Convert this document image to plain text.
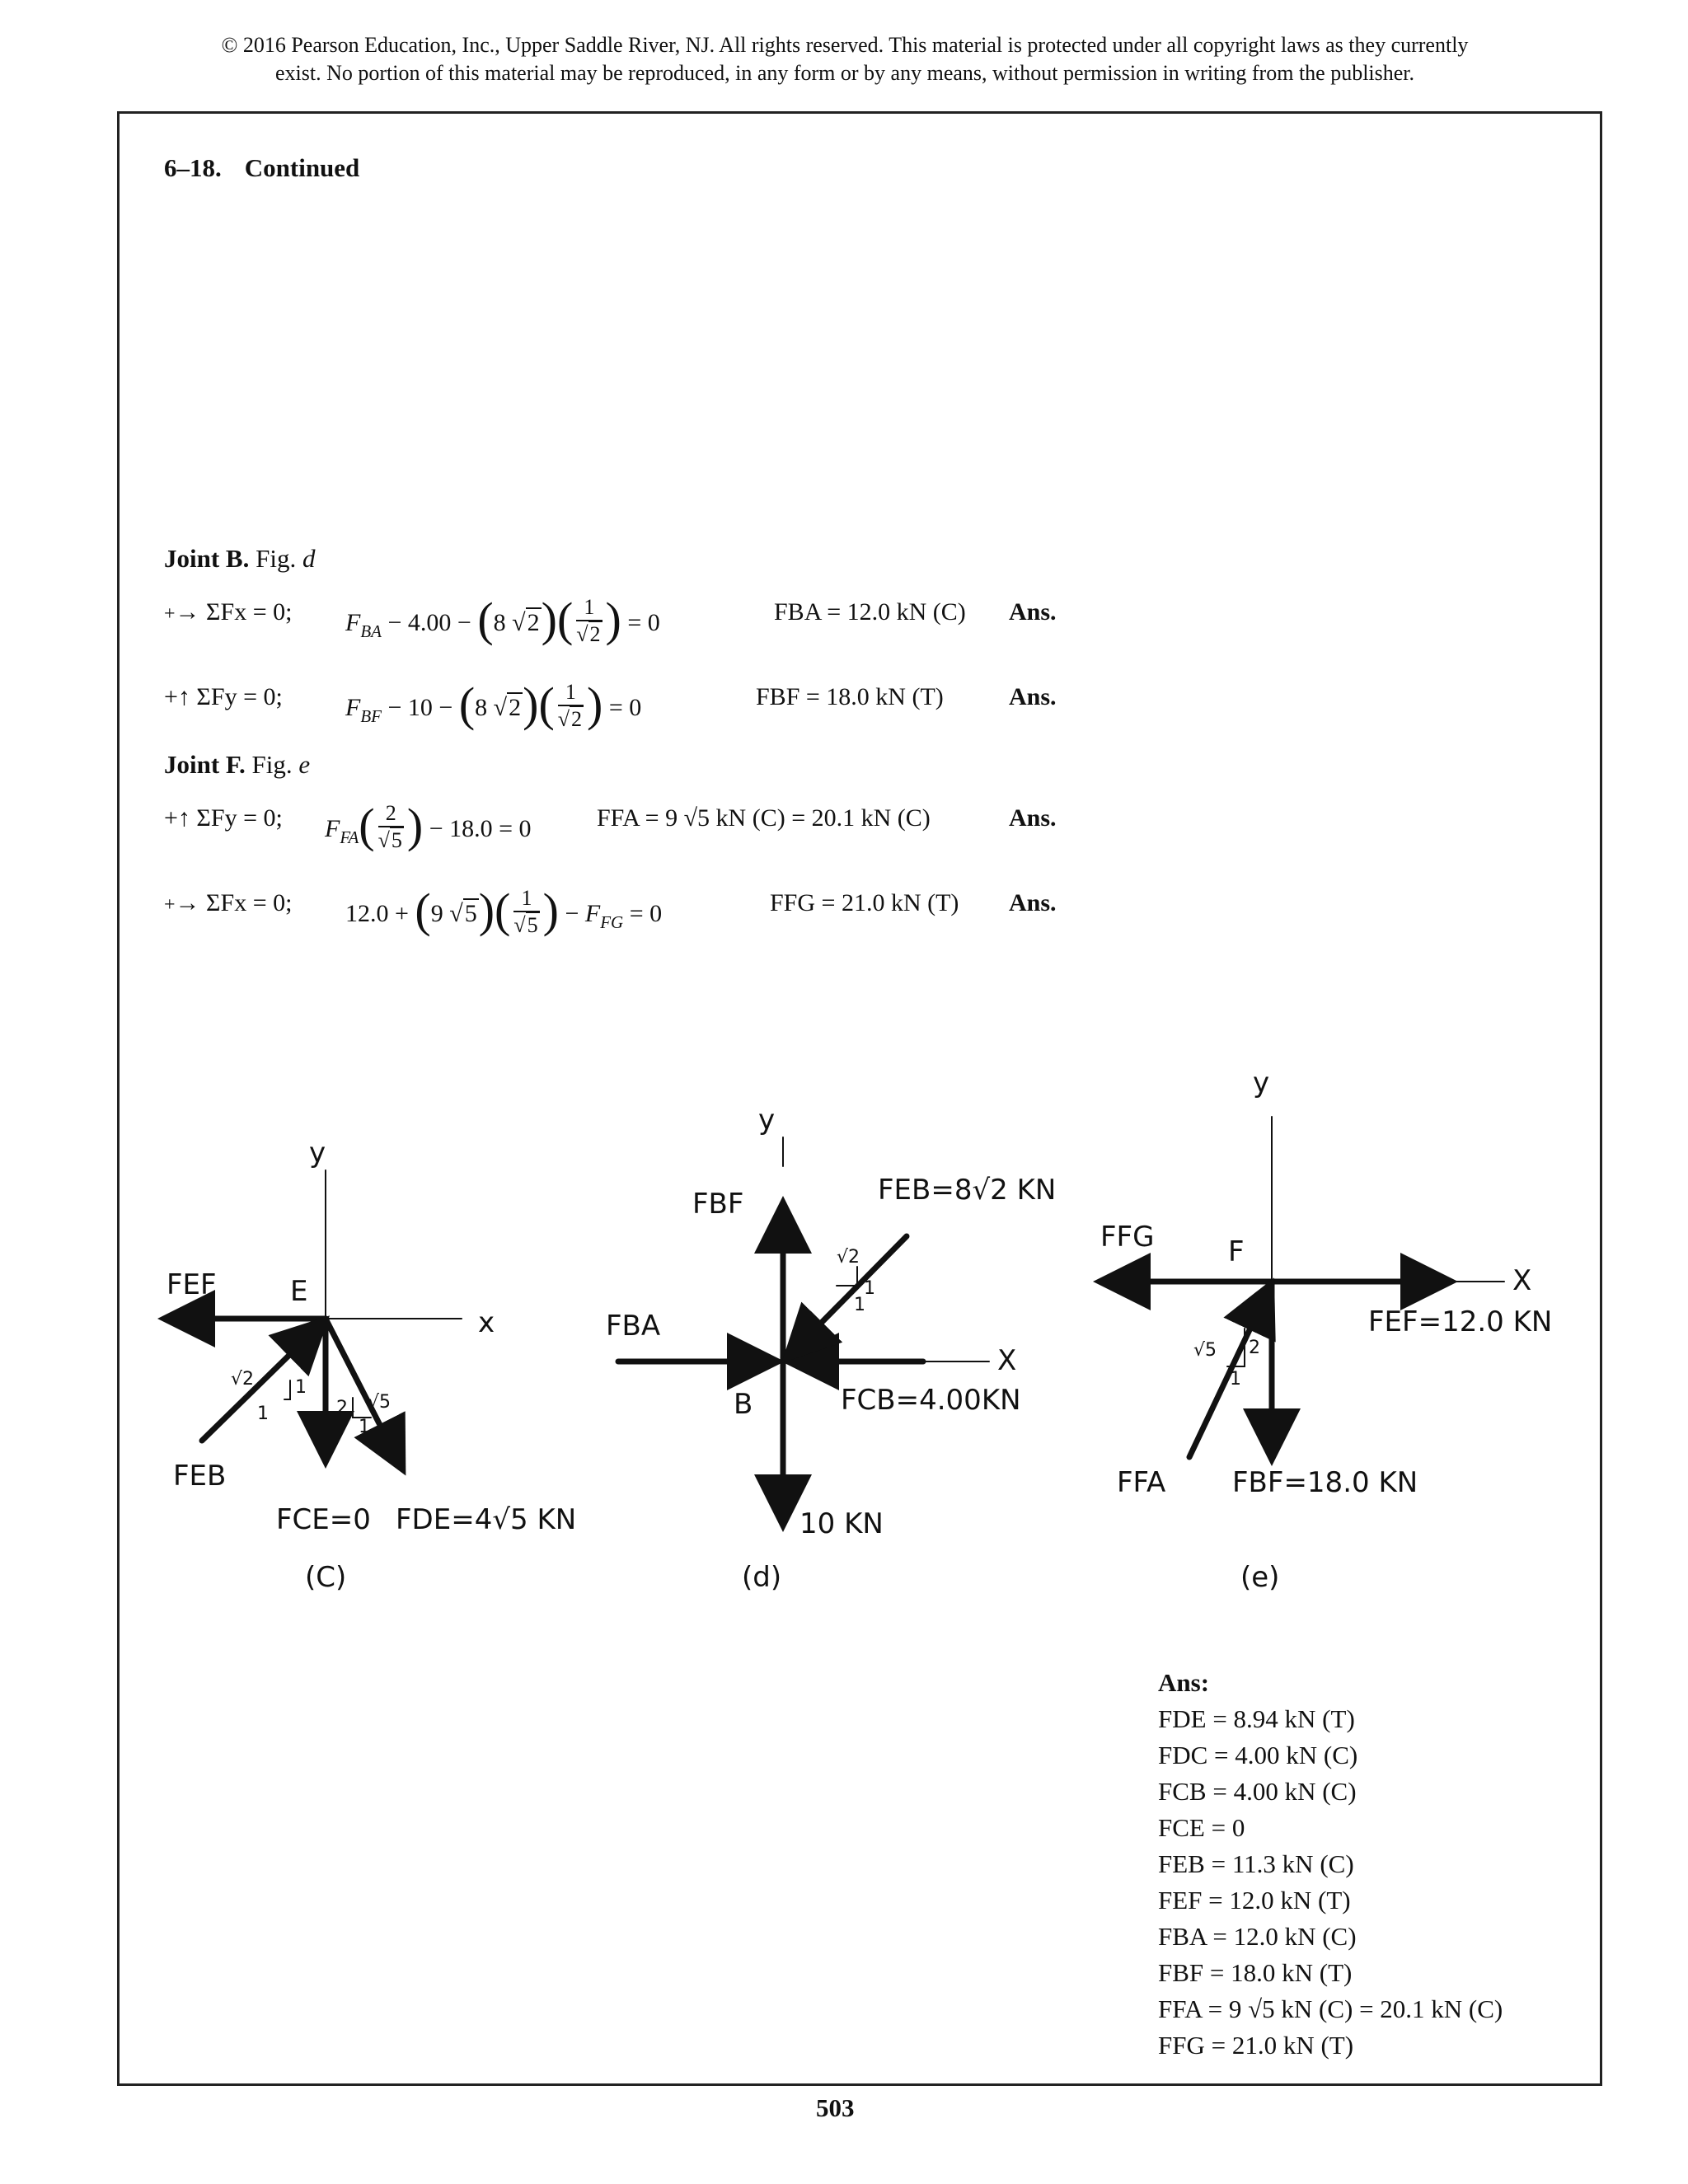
© 2016 Pearson Education, Inc., Upper Saddle River, NJ. All rights reserved. This material is protected under all copyright laws as they currently
exist. No portion of this material may be reproduced, in any form or by any means, without permission in writing from the publisher.
6–18. Continued
Joint B. Fig. d
+→ ΣFx = 0; $F_{BA} - 4.00 - (8$ $√2)( \frac{1}{√2}$ ) = 0	FBA = 12.0 kN (C) Ans.
+↑ ΣFy = 0;	$F_{BF} - 10 - (8$ $√2)( \frac{1}{√2}$ ) = 0	FBF = 18.0 kN (T)	Ans.
Joint F. Fig. e
+↑ ΣFy = 0; $F_{FA}( \frac{2}{√5}$ ) − 18.0 = 0	FFA = 9 √5 kN (C) = 20.1 kN (C)	Ans.
+→ ΣFx = 0; 12.0 + (9 $√5)( \frac{1}{√5}$ ) − $F_{FG} = 0$	FFG = 21.0 kN (T) Ans.
y
x
E
FEF
FEB
FCE=0 FDE=4√5 KN
(C)
√2 1
1	2 √5
1
y
X
B
FBF
FBA
FEB=8√2 KN
FCB=4.00KN
10 KN
(d)
√2
1
1
y
X
F
FFG
FFA
FEF=12.0 KN
FBF=18.0 KN
(e)
√5 2
1
Ans:
FDE = 8.94 kN (T)
FDC = 4.00 kN (C)
FCB = 4.00 kN (C)
FCE = 0
FEB = 11.3 kN (C)
FEF = 12.0 kN (T)
FBA = 12.0 kN (C)
FBF = 18.0 kN (T)
FFA = 9 √5 kN (C) = 20.1 kN (C)
FFG = 21.0 kN (T)
503
